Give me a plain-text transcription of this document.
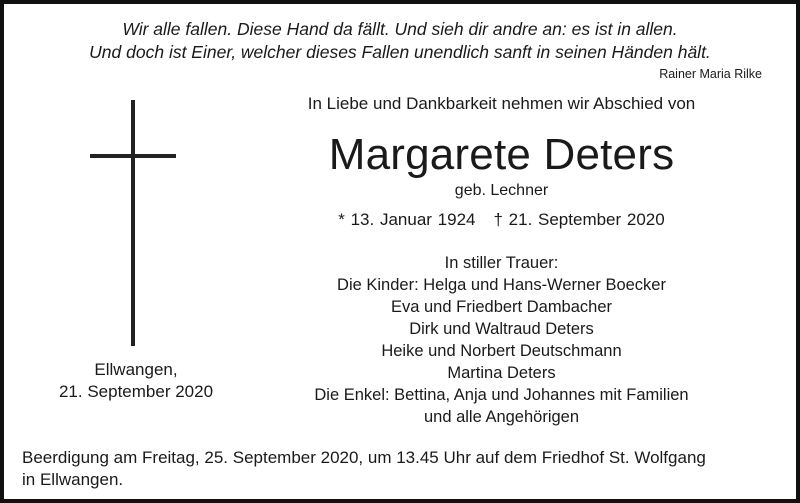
Wir alle fallen. Diese Hand da fällt. Und sieh dir andre an: es ist in allen.
Und doch ist Einer, welcher dieses Fallen unendlich sanft in seinen Händen hält.
Rainer Maria Rilke
In Liebe und Dankbarkeit nehmen wir Abschied von
Margarete Deters
geb. Lechner
* 13. Januar 1924 † 21. September 2020
In stiller Trauer:
Die Kinder: Helga und Hans-Werner Boecker
Eva und Friedbert Dambacher
Dirk und Waltraud Deters
Heike und Norbert Deutschmann
Martina Deters
Die Enkel: Bettina, Anja und Johannes mit Familien
und alle Angehörigen
Ellwangen,
21. September 2020
Beerdigung am Freitag, 25. September 2020, um 13.45 Uhr auf dem Friedhof St. Wolfgang
in Ellwangen.
